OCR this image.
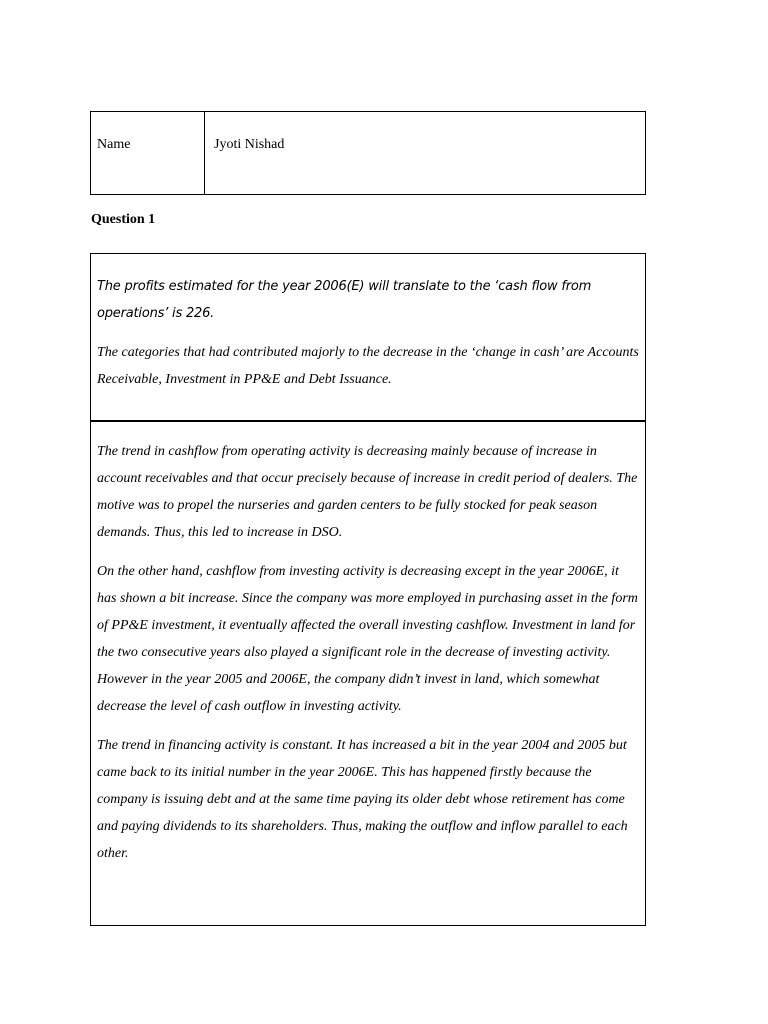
Name	Jyoti Nishad
Question 1

The profits estimated for the year 2006(E) will translate to the ‘cash flow from operations’ is 226.

The categories that had contributed majorly to the decrease in the ‘change in cash’ are Accounts Receivable, Investment in PP&E and Debt Issuance.

The trend in cashflow from operating activity is decreasing mainly because of increase in account receivables and that occur precisely because of increase in credit period of dealers. The motive was to propel the nurseries and garden centers to be fully stocked for peak season demands. Thus, this led to increase in DSO.

On the other hand, cashflow from investing activity is decreasing except in the year 2006E, it has shown a bit increase. Since the company was more employed in purchasing asset in the form of PP&E investment, it eventually affected the overall investing cashflow. Investment in land for the two consecutive years also played a significant role in the decrease of investing activity. However in the year 2005 and 2006E, the company didn’t invest in land, which somewhat decrease the level of cash outflow in investing activity.

The trend in financing activity is constant. It has increased a bit in the year 2004 and 2005 but came back to its initial number in the year 2006E. This has happened firstly because the company is issuing debt and at the same time paying its older debt whose retirement has come and paying dividends to its shareholders. Thus, making the outflow and inflow parallel to each other.
